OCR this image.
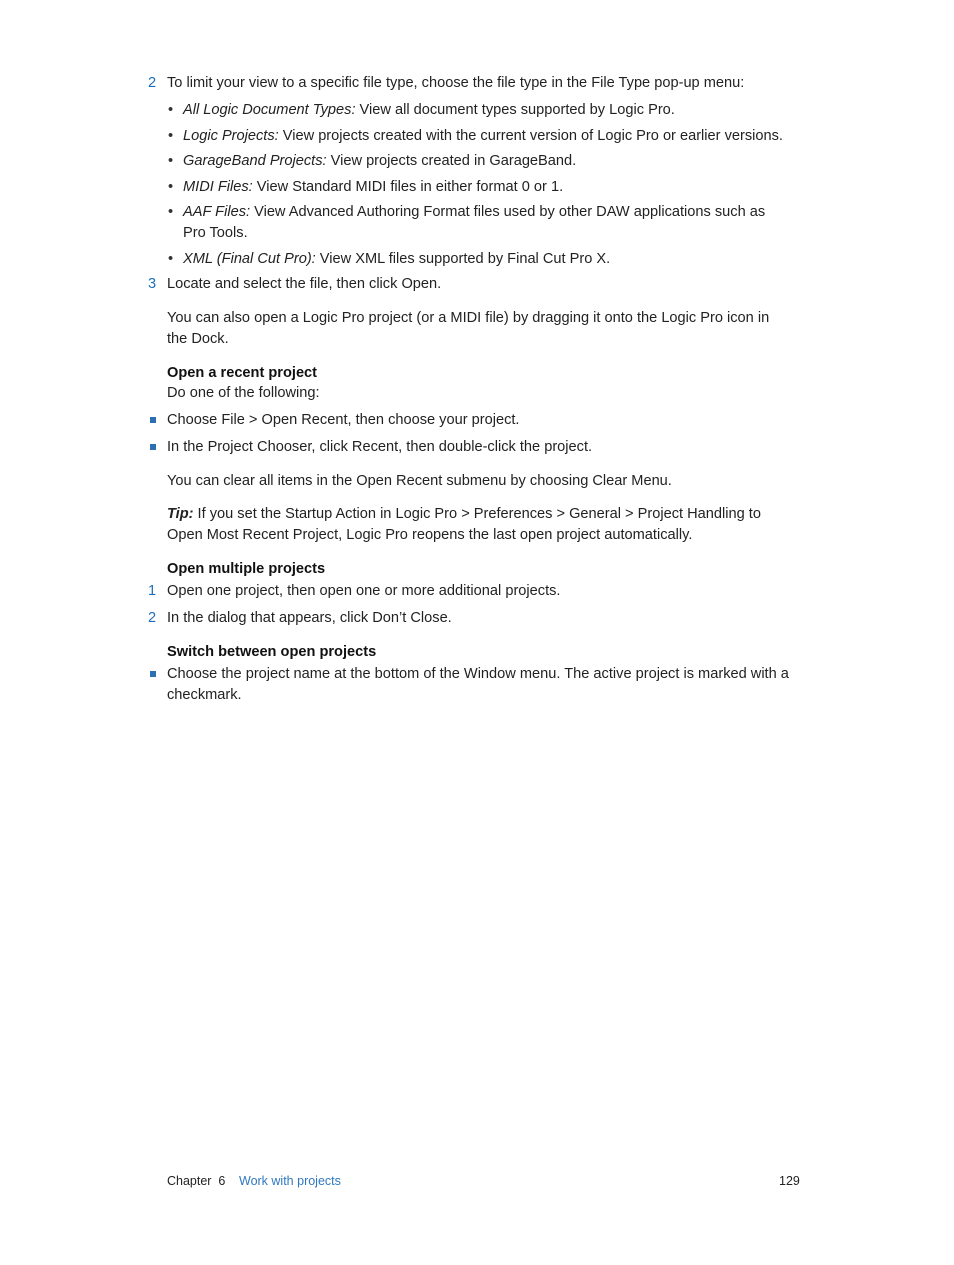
2 To limit your view to a specific file type, choose the file type in the File Type pop-up menu:
• All Logic Document Types: View all document types supported by Logic Pro.
• Logic Projects: View projects created with the current version of Logic Pro or earlier versions.
• GarageBand Projects: View projects created in GarageBand.
• MIDI Files: View Standard MIDI files in either format 0 or 1.
• AAF Files: View Advanced Authoring Format files used by other DAW applications such as Pro Tools.
• XML (Final Cut Pro): View XML files supported by Final Cut Pro X.
3 Locate and select the file, then click Open.
You can also open a Logic Pro project (or a MIDI file) by dragging it onto the Logic Pro icon in the Dock.
Open a recent project
Do one of the following:
Choose File > Open Recent, then choose your project.
In the Project Chooser, click Recent, then double-click the project.
You can clear all items in the Open Recent submenu by choosing Clear Menu.
Tip: If you set the Startup Action in Logic Pro > Preferences > General > Project Handling to Open Most Recent Project, Logic Pro reopens the last open project automatically.
Open multiple projects
1 Open one project, then open one or more additional projects.
2 In the dialog that appears, click Don’t Close.
Switch between open projects
Choose the project name at the bottom of the Window menu. The active project is marked with a checkmark.
Chapter  6 Work with projects	129
